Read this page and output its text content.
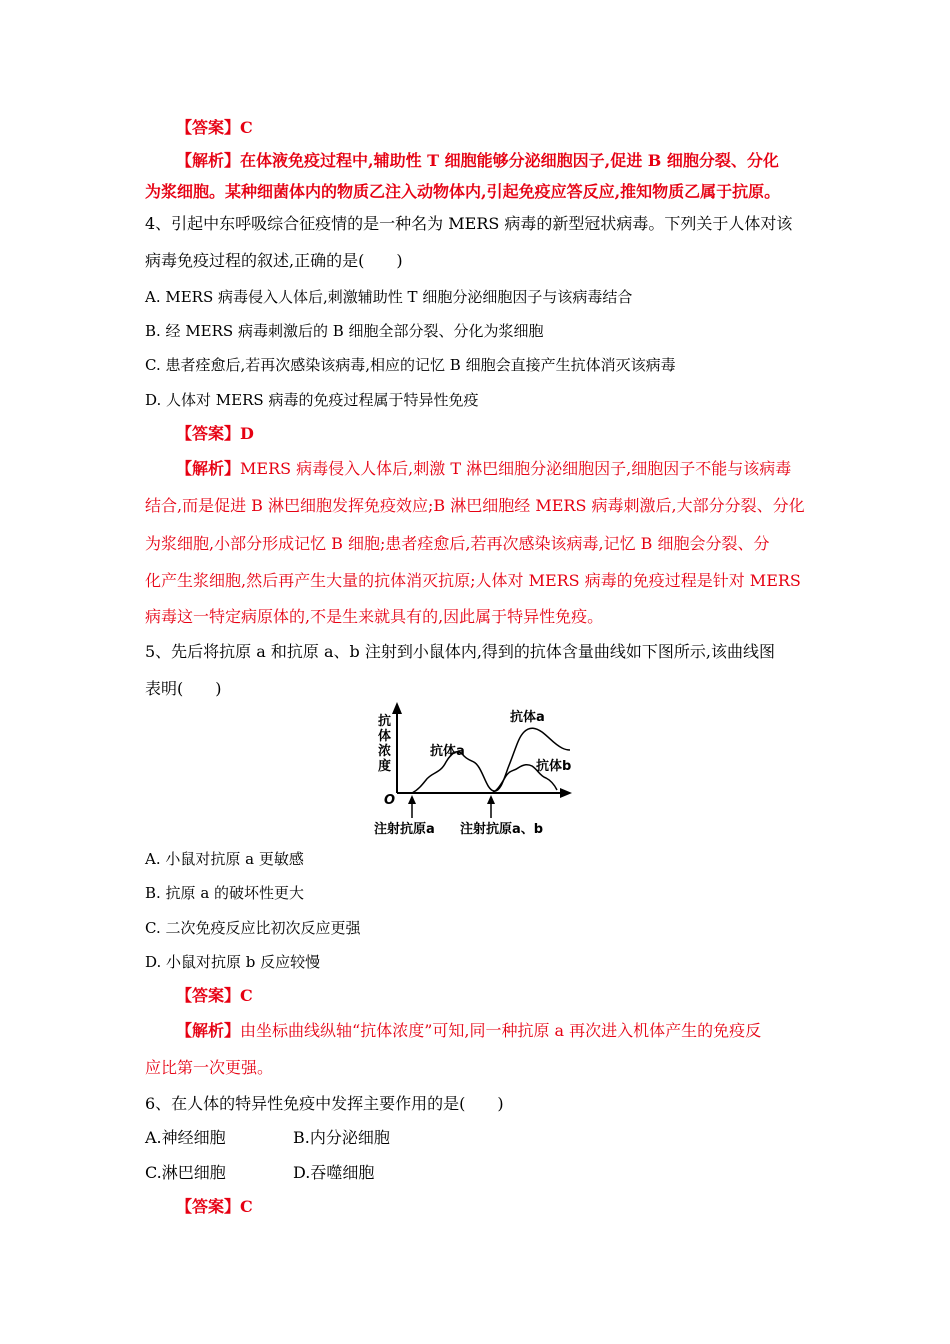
【答案】C
【解析】在体液免疫过程中,辅助性 T 细胞能够分泌细胞因子,促进 B 细胞分裂、分化
为浆细胞。某种细菌体内的物质乙注入动物体内,引起免疫应答反应,推知物质乙属于抗原。
4、引起中东呼吸综合征疫情的是一种名为 MERS 病毒的新型冠状病毒。下列关于人体对该
病毒免疫过程的叙述,正确的是(　　)
A. MERS 病毒侵入人体后,刺激辅助性 T 细胞分泌细胞因子与该病毒结合
B. 经 MERS 病毒刺激后的 B 细胞全部分裂、分化为浆细胞
C. 患者痊愈后,若再次感染该病毒,相应的记忆 B 细胞会直接产生抗体消灭该病毒
D. 人体对 MERS 病毒的免疫过程属于特异性免疫
【答案】D
【解析】MERS 病毒侵入人体后,刺激 T 淋巴细胞分泌细胞因子,细胞因子不能与该病毒
结合,而是促进 B 淋巴细胞发挥免疫效应;B 淋巴细胞经 MERS 病毒刺激后,大部分分裂、分化
为浆细胞,小部分形成记忆 B 细胞;患者痊愈后,若再次感染该病毒,记忆 B 细胞会分裂、分
化产生浆细胞,然后再产生大量的抗体消灭抗原;人体对 MERS 病毒的免疫过程是针对 MERS
病毒这一特定病原体的,不是生来就具有的,因此属于特异性免疫。
5、先后将抗原 a 和抗原 a、b 注射到小鼠体内,得到的抗体含量曲线如下图所示,该曲线图
表明(　　)
抗 体 浓 度
O
抗体a
抗体a
抗体b
注射抗原a 注射抗原a、b
A. 小鼠对抗原 a 更敏感
B. 抗原 a 的破坏性更大
C. 二次免疫反应比初次反应更强
D. 小鼠对抗原 b 反应较慢
【答案】C
【解析】由坐标曲线纵轴“抗体浓度”可知,同一种抗原 a 再次进入机体产生的免疫反
应比第一次更强。
6、在人体的特异性免疫中发挥主要作用的是(　　)
A.神经细胞	B.内分泌细胞
C.淋巴细胞	D.吞噬细胞
【答案】C
